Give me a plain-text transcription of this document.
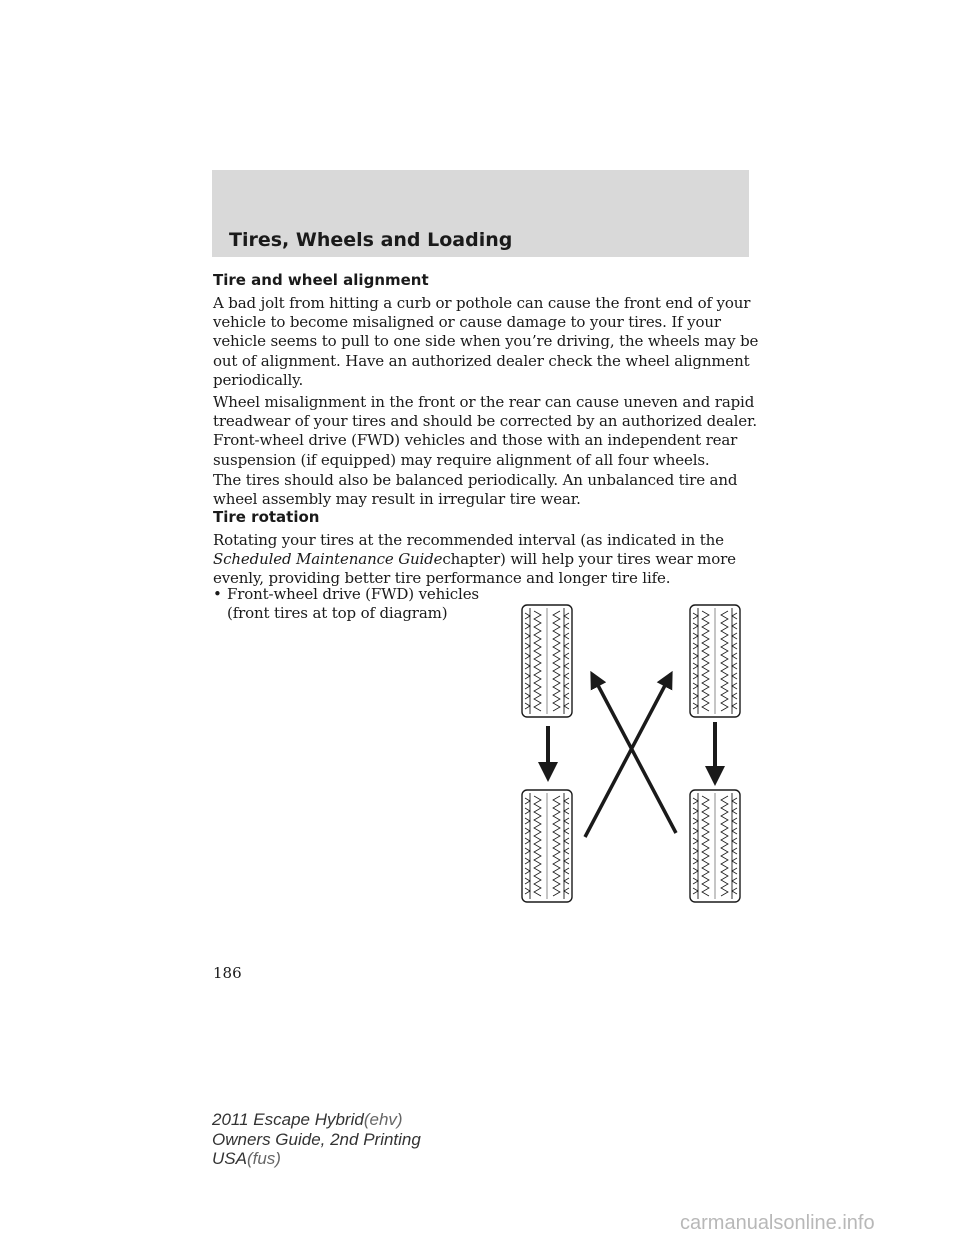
Tires, Wheels and Loading
Tire and wheel alignment
A bad jolt from hitting a curb or pothole can cause the front end of your
vehicle to become misaligned or cause damage to your tires. If your
vehicle seems to pull to one side when you’re driving, the wheels may be
out of alignment. Have an authorized dealer check the wheel alignment
periodically.
Wheel misalignment in the front or the rear can cause uneven and rapid
treadwear of your tires and should be corrected by an authorized dealer.
Front-wheel drive (FWD) vehicles and those with an independent rear
suspension (if equipped) may require alignment of all four wheels.
The tires should also be balanced periodically. An unbalanced tire and
wheel assembly may result in irregular tire wear.
Tire rotation
Rotating your tires at the recommended interval (as indicated in the
Scheduled Maintenance Guidechapter) will help your tires wear more
evenly, providing better tire performance and longer tire life.
• Front-wheel drive (FWD) vehicles
(front tires at top of diagram)
186
2011 Escape Hybrid(ehv)
Owners Guide, 2nd Printing
USA(fus)
carmanualsonline.info
